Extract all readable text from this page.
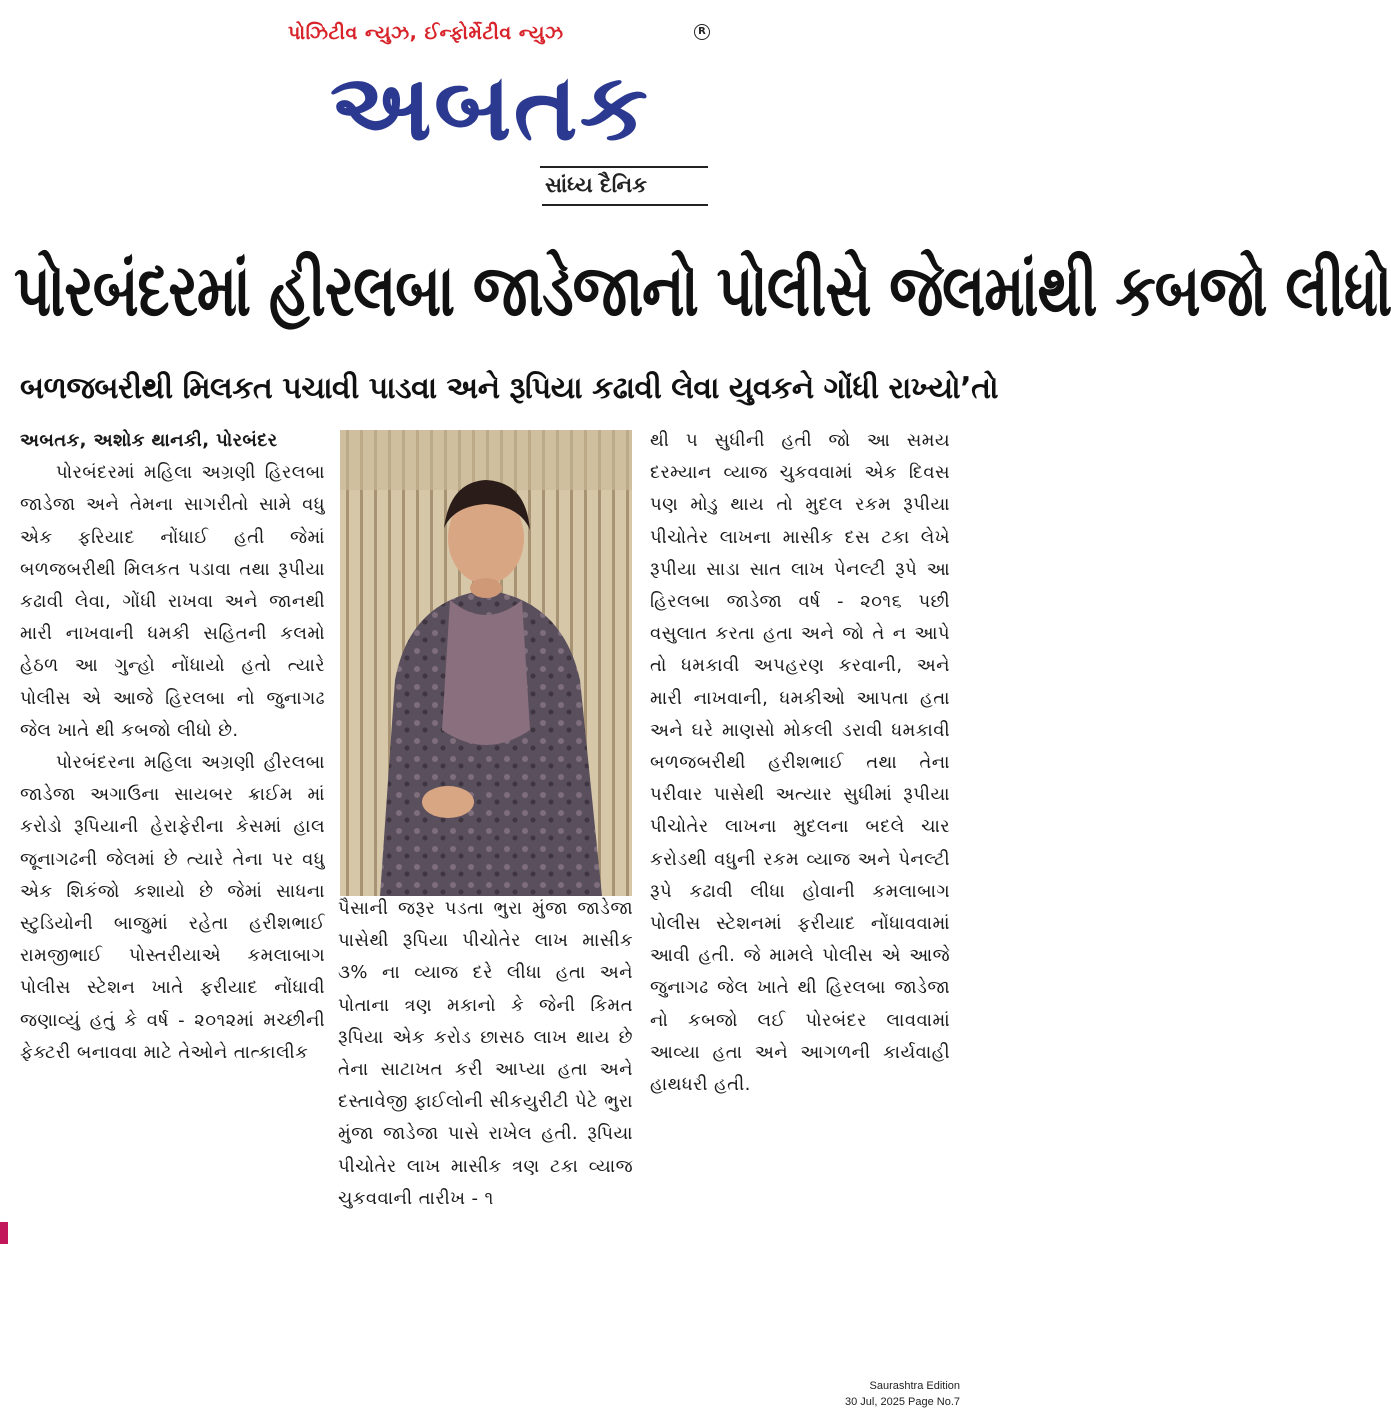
પોઝિટીવ ન્યુઝ, ઈન્ફોર્મેટીવ ન્યુઝ	R
અબતક
સાંધ્ય દૈનિક
પોરબંદરમાં હીરલબા જાડેજાનો પોલીસે જેલમાંથી કબજો લીધો
બળજબરીથી મિલકત પચાવી પાડવા અને રૂપિયા કઢાવી લેવા યુવકને ગોંધી રાખ્યો’તો

અબતક, અશોક થાનકી, પોરબંદર

પોરબંદરમાં મહિલા અગ્રણી હિરલબા જાડેજા અને તેમના સાગરીતો સામે વધુ એક ફરિયાદ નોંધાઈ હતી જેમાં બળજબરીથી મિલકત પડાવા તથા રૂપીયા કઢાવી લેવા, ગોંધી રાખવા અને જાનથી મારી નાખવાની ધમકી સહિતની કલમો હેઠળ આ ગુન્હો નોંધાયો હતો ત્યારે પોલીસ એ આજે હિરલબા નો જુનાગઢ જેલ ખાતે થી કબજો લીધો છે.

પોરબંદરના મહિલા અગ્રણી હીરલબા જાડેજા અગાઉના સાયબર ક્રાઈમ માં કરોડો રૂપિયાની હેરાફેરીના કેસમાં હાલ જૂનાગઢની જેલમાં છે ત્યારે તેના પર વધુ એક શિકંજો કશાયો છે જેમાં સાધના સ્ટુડિયોની બાજુમાં રહેતા હરીશભાઈ રામજીભાઈ પોસ્તરીયાએ કમલાબાગ પોલીસ સ્ટેશન ખાતે ફરીયાદ નોંધાવી જણાવ્યું હતું કે વર્ષ - ૨૦૧૨માં મચ્છીની ફેક્ટરી બનાવવા માટે તેઓને તાત્કાલીક

પૈસાની જરૂર પડતા ભુરા મુંજા જાડેજા પાસેથી રૂપિયા પીચોતેર લાખ માસીક ૩% ના વ્યાજ દરે લીધા હતા અને પોતાના ત્રણ મકાનો કે જેની કિમત રૂપિયા એક કરોડ છાસઠ લાખ થાય છે તેના સાટાખત કરી આપ્યા હતા અને દસ્તાવેજી ફાઈલોની સીકયુરીટી પેટે ભુરા મુંજા જાડેજા પાસે રાખેલ હતી. રૂપિયા પીચોતેર લાખ માસીક ત્રણ ટકા વ્યાજ ચુકવવાની તારીખ - ૧

થી ૫ સુધીની હતી જો આ સમય દરમ્યાન વ્યાજ ચુકવવામાં એક દિવસ પણ મોડુ થાય તો મુદલ રકમ રૂપીયા પીચોતેર લાખના માસીક દસ ટકા લેખે રૂપીયા સાડા સાત લાખ પેનલ્ટી રૂપે આ હિરલબા જાડેજા વર્ષ - ૨૦૧૬ પછી વસુલાત કરતા હતા અને જો તે ન આપે તો ધમકાવી અપહરણ કરવાની, અને મારી નાખવાની, ધમકીઓ આપતા હતા અને ઘરે માણસો મોકલી ડરાવી ધમકાવી બળજબરીથી હરીશભાઈ તથા તેના પરીવાર પાસેથી અત્યાર સુધીમાં રૂપીયા પીચોતેર લાખના મુદલના બદલે ચાર કરોડથી વધુની રકમ વ્યાજ અને પેનલ્ટી રૂપે કઢાવી લીધા હોવાની કમલાબાગ પોલીસ સ્ટેશનમાં ફરીયાદ નોંધાવવામાં આવી હતી. જે મામલે પોલીસ એ આજે જુનાગઢ જેલ ખાતે થી હિરલબા જાડેજા નો કબજો લઈ પોરબંદર લાવવામાં આવ્યા હતા અને આગળની કાર્યવાહી હાથધરી હતી.

Saurashtra Edition
30 Jul, 2025 Page No.7
